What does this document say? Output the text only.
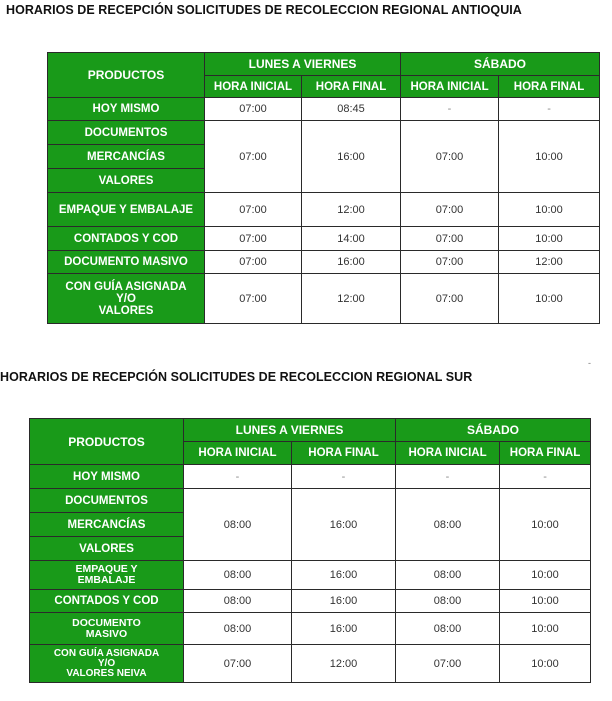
HORARIOS DE RECEPCIÓN SOLICITUDES DE RECOLECCION REGIONAL ANTIOQUIA
PRODUCTOS	LUNES A VIERNES		SÁBADO	
	HORA INICIAL	HORA FINAL	HORA INICIAL	HORA FINAL
HOY MISMO	07:00	08:45	-	-
DOCUMENTOS	07:00	16:00	07:00	10:00
MERCANCÍAS				
VALORES				
EMPAQUE Y EMBALAJE	07:00	12:00	07:00	10:00
CONTADOS Y COD	07:00	14:00	07:00	10:00
DOCUMENTO MASIVO	07:00	16:00	07:00	12:00

CON GUÍA ASIGNADA
Y/O
VALORES	07:00	12:00	07:00	10:00
-
HORARIOS DE RECEPCIÓN SOLICITUDES DE RECOLECCION REGIONAL SUR
PRODUCTOS	LUNES A VIERNES		SÁBADO	
	HORA INICIAL	HORA FINAL	HORA INICIAL	HORA FINAL
HOY MISMO	-	-	-	-
DOCUMENTOS	08:00	16:00	08:00	10:00
MERCANCÍAS				
VALORES				

EMPAQUE Y
EMBALAJE	08:00	16:00	08:00	10:00
CONTADOS Y COD	08:00	16:00	08:00	10:00

DOCUMENTO
MASIVO	08:00	16:00	08:00	10:00

CON GUÍA ASIGNADA
Y/O
VALORES NEIVA	07:00	12:00	07:00	10:00
